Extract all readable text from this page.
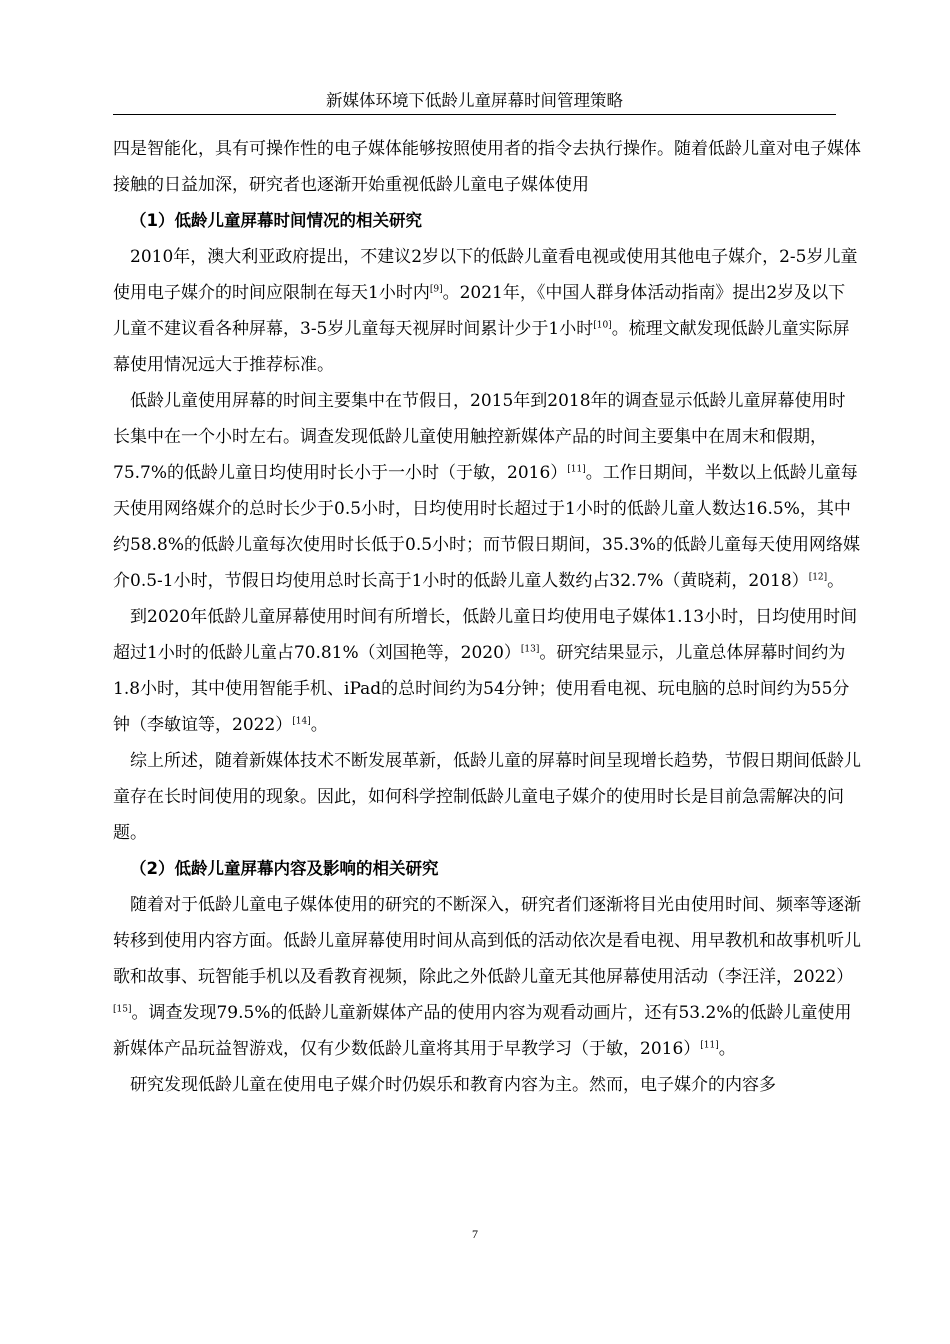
新媒体环境下低龄儿童屏幕时间管理策略

四是智能化，具有可操作性的电子媒体能够按照使用者的指令去执行操作。随着低龄儿童对电子媒体接触的日益加深，研究者也逐渐开始重视低龄儿童电子媒体使用

（1）低龄儿童屏幕时间情况的相关研究

2010年，澳大利亚政府提出，不建议2岁以下的低龄儿童看电视或使用其他电子媒介，2-5岁儿童使用电子媒介的时间应限制在每天1小时内[9]。2021年，《中国人群身体活动指南》提出2岁及以下儿童不建议看各种屏幕，3-5岁儿童每天视屏时间累计少于1小时[10]。梳理文献发现低龄儿童实际屏幕使用情况远大于推荐标准。

低龄儿童使用屏幕的时间主要集中在节假日，2015年到2018年的调查显示低龄儿童屏幕使用时长集中在一个小时左右。调查发现低龄儿童使用触控新媒体产品的时间主要集中在周末和假期，75.7%的低龄儿童日均使用时长小于一小时（于敏，2016）[11]。工作日期间，半数以上低龄儿童每天使用网络媒介的总时长少于0.5小时，日均使用时长超过于1小时的低龄儿童人数达16.5%，其中约58.8%的低龄儿童每次使用时长低于0.5小时；而节假日期间，35.3%的低龄儿童每天使用网络媒介0.5-1小时，节假日均使用总时长高于1小时的低龄儿童人数约占32.7%（黄晓莉，2018）[12]。

到2020年低龄儿童屏幕使用时间有所增长，低龄儿童日均使用电子媒体1.13小时，日均使用时间超过1小时的低龄儿童占70.81%（刘国艳等，2020）[13]。研究结果显示，儿童总体屏幕时间约为1.8小时，其中使用智能手机、iPad的总时间约为54分钟；使用看电视、玩电脑的总时间约为55分钟（李敏谊等，2022）[14]。

综上所述，随着新媒体技术不断发展革新，低龄儿童的屏幕时间呈现增长趋势，节假日期间低龄儿童存在长时间使用的现象。因此，如何科学控制低龄儿童电子媒介的使用时长是目前急需解决的问题。

（2）低龄儿童屏幕内容及影响的相关研究

随着对于低龄儿童电子媒体使用的研究的不断深入，研究者们逐渐将目光由使用时间、频率等逐渐转移到使用内容方面。低龄儿童屏幕使用时间从高到低的活动依次是看电视、用早教机和故事机听儿歌和故事、玩智能手机以及看教育视频，除此之外低龄儿童无其他屏幕使用活动（李汪洋，2022）[15]。调查发现79.5%的低龄儿童新媒体产品的使用内容为观看动画片，还有53.2%的低龄儿童使用新媒体产品玩益智游戏，仅有少数低龄儿童将其用于早教学习（于敏，2016）[11]。

研究发现低龄儿童在使用电子媒介时仍娱乐和教育内容为主。然而，电子媒介的内容多

7
